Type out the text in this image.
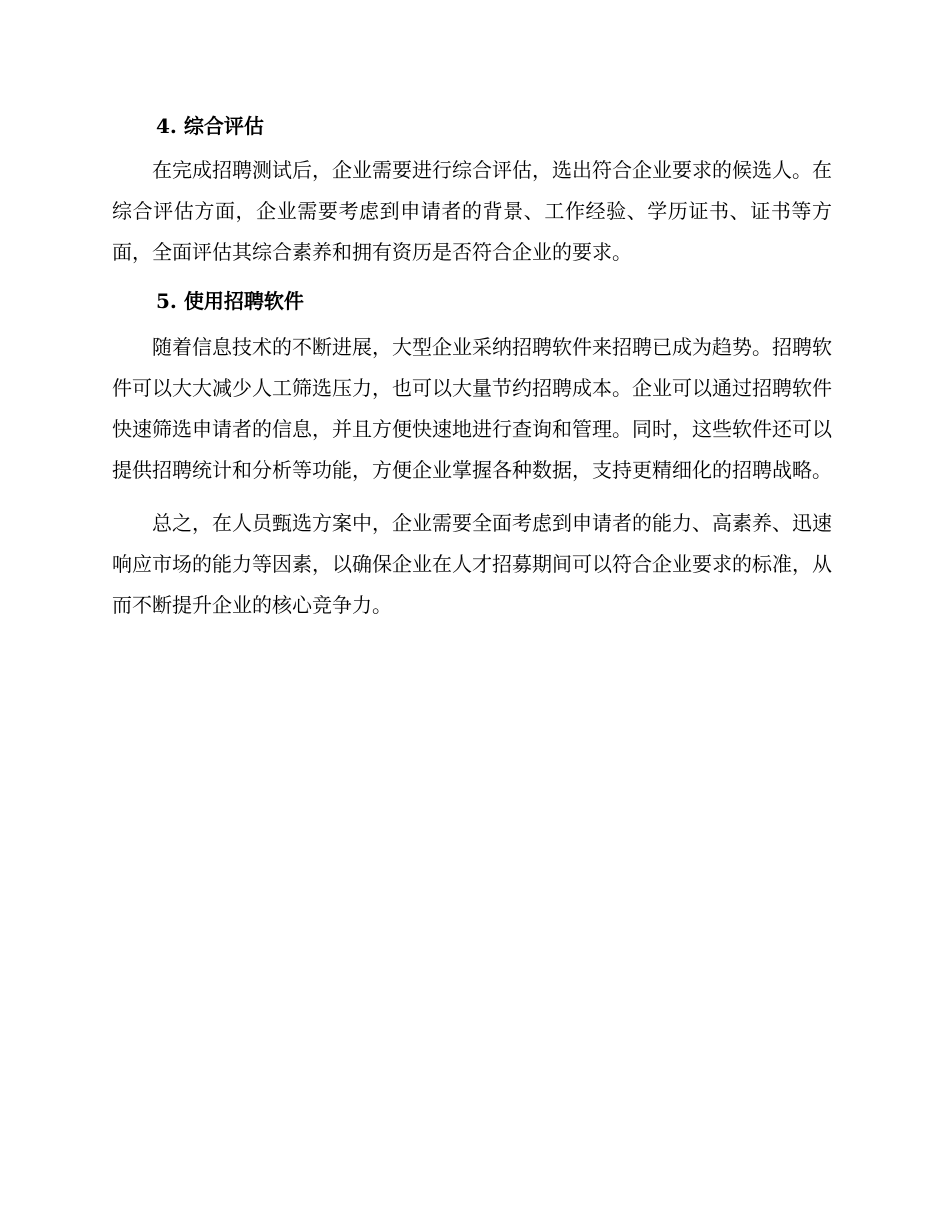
4. 综合评估

在完成招聘测试后，企业需要进行综合评估，选出符合企业要求的候选人。在综合评估方面，企业需要考虑到申请者的背景、工作经验、学历证书、证书等方面，全面评估其综合素养和拥有资历是否符合企业的要求。

5. 使用招聘软件

随着信息技术的不断进展，大型企业采纳招聘软件来招聘已成为趋势。招聘软件可以大大减少人工筛选压力，也可以大量节约招聘成本。企业可以通过招聘软件快速筛选申请者的信息，并且方便快速地进行查询和管理。同时，这些软件还可以提供招聘统计和分析等功能，方便企业掌握各种数据，支持更精细化的招聘战略。

总之，在人员甄选方案中，企业需要全面考虑到申请者的能力、高素养、迅速响应市场的能力等因素，以确保企业在人才招募期间可以符合企业要求的标准，从而不断提升企业的核心竞争力。
